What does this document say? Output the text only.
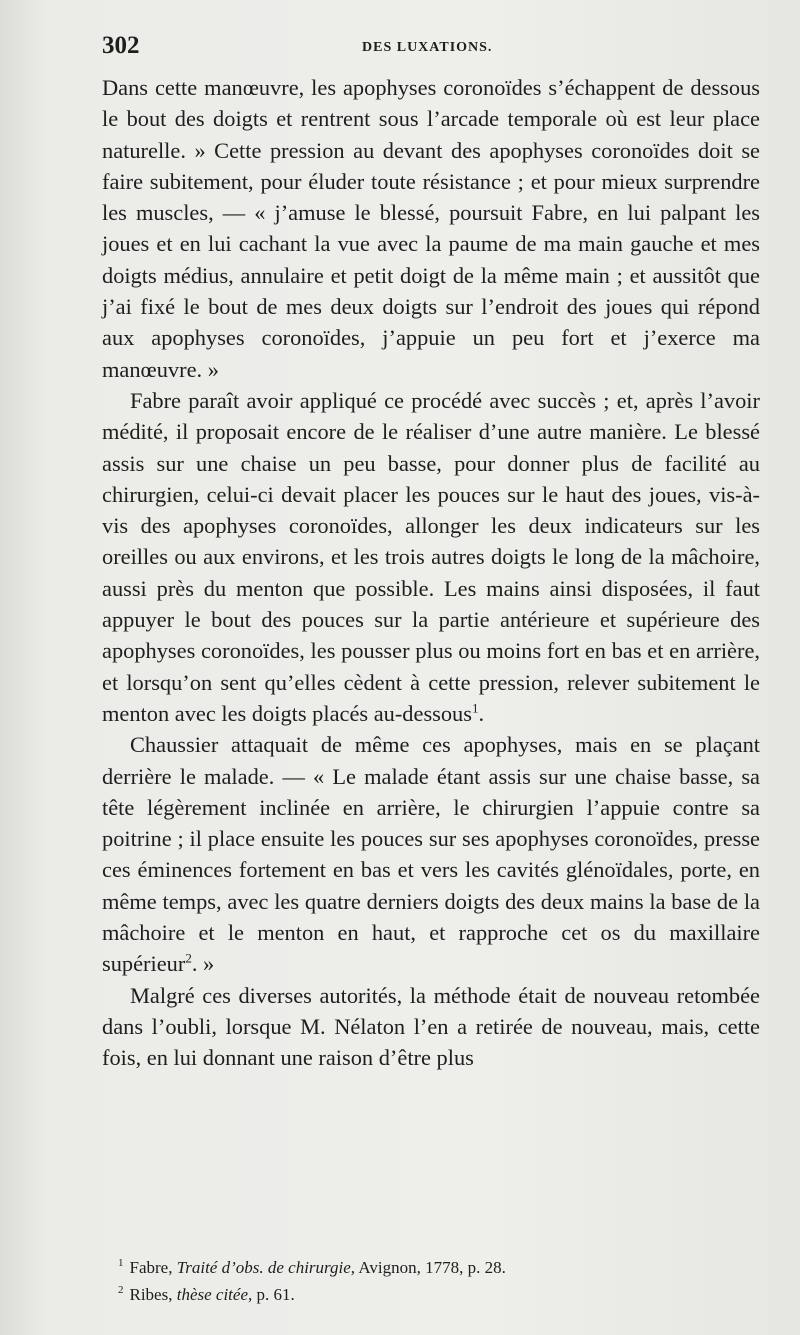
302	DES LUXATIONS.

Dans cette manœuvre, les apophyses coronoïdes s’échappent de dessous le bout des doigts et rentrent sous l’arcade temporale où est leur place naturelle. » Cette pression au devant des apophyses coronoïdes doit se faire subitement, pour éluder toute résistance ; et pour mieux surprendre les muscles, — « j’amuse le blessé, poursuit Fabre, en lui palpant les joues et en lui cachant la vue avec la paume de ma main gauche et mes doigts médius, annulaire et petit doigt de la même main ; et aussitôt que j’ai fixé le bout de mes deux doigts sur l’endroit des joues qui répond aux apophyses coronoïdes, j’appuie un peu fort et j’exerce ma manœuvre. »

Fabre paraît avoir appliqué ce procédé avec succès ; et, après l’avoir médité, il proposait encore de le réaliser d’une autre manière. Le blessé assis sur une chaise un peu basse, pour donner plus de facilité au chirurgien, celui-ci devait placer les pouces sur le haut des joues, vis-à-vis des apophyses coronoïdes, allonger les deux indicateurs sur les oreilles ou aux environs, et les trois autres doigts le long de la mâchoire, aussi près du menton que possible. Les mains ainsi disposées, il faut appuyer le bout des pouces sur la partie antérieure et supérieure des apophyses coronoïdes, les pousser plus ou moins fort en bas et en arrière, et lorsqu’on sent qu’elles cèdent à cette pression, relever subitement le menton avec les doigts placés au-dessous$^1$.

Chaussier attaquait de même ces apophyses, mais en se plaçant derrière le malade. — « Le malade étant assis sur une chaise basse, sa tête légèrement inclinée en arrière, le chirurgien l’appuie contre sa poitrine ; il place ensuite les pouces sur ses apophyses coronoïdes, presse ces éminences fortement en bas et vers les cavités glénoïdales, porte, en même temps, avec les quatre derniers doigts des deux mains la base de la mâchoire et le menton en haut, et rapproche cet os du maxillaire supérieur$^2$. »

Malgré ces diverses autorités, la méthode était de nouveau retombée dans l’oubli, lorsque M. Nélaton l’en a retirée de nouveau, mais, cette fois, en lui donnant une raison d’être plus

$^1$ Fabre, Traité d’obs. de chirurgie, Avignon, 1778, p. 28.

$^2$ Ribes, thèse citée, p. 61.
